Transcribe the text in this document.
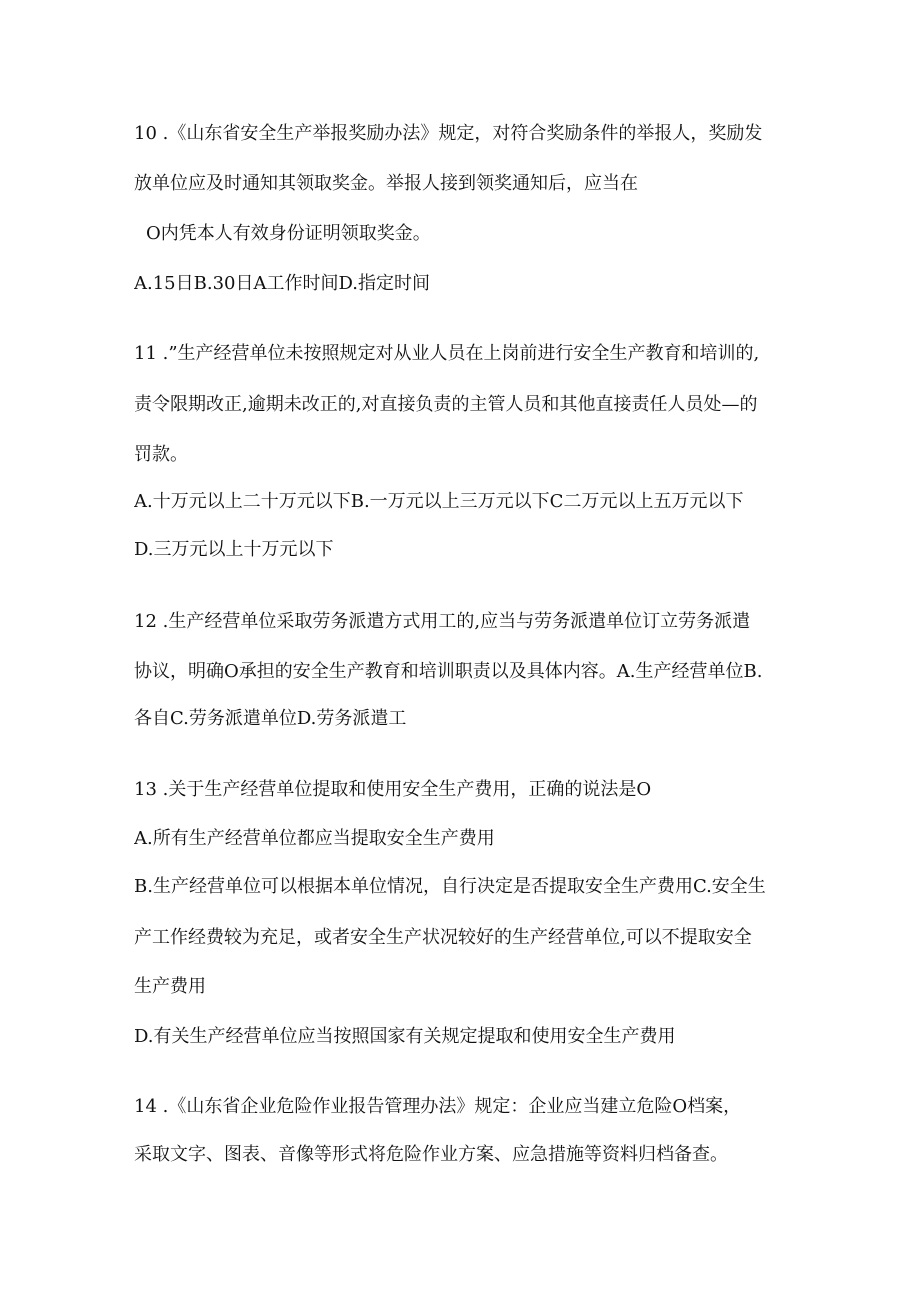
10 .《山东省安全生产举报奖励办法》规定，对符合奖励条件的举报人，奖励发
放单位应及时通知其领取奖金。举报人接到领奖通知后，应当在
O内凭本人有效身份证明领取奖金。
A.15日B.30日A工作时间D.指定时间
11 .”生产经营单位未按照规定对从业人员在上岗前进行安全生产教育和培训的,
责令限期改正,逾期未改正的,对直接负责的主管人员和其他直接责任人员处—的
罚款。
A.十万元以上二十万元以下B.一万元以上三万元以下C二万元以上五万元以下
D.三万元以上十万元以下
12 .生产经营单位采取劳务派遣方式用工的,应当与劳务派遣单位订立劳务派遣
协议，明确O承担的安全生产教育和培训职责以及具体内容。A.生产经营单位B.
各自C.劳务派遣单位D.劳务派遣工
13 .关于生产经营单位提取和使用安全生产费用，正确的说法是O
A.所有生产经营单位都应当提取安全生产费用
B.生产经营单位可以根据本单位情况，自行决定是否提取安全生产费用C.安全生
产工作经费较为充足，或者安全生产状况较好的生产经营单位,可以不提取安全
生产费用
D.有关生产经营单位应当按照国家有关规定提取和使用安全生产费用
14 .《山东省企业危险作业报告管理办法》规定：企业应当建立危险O档案，
采取文字、图表、音像等形式将危险作业方案、应急措施等资料归档备查。
